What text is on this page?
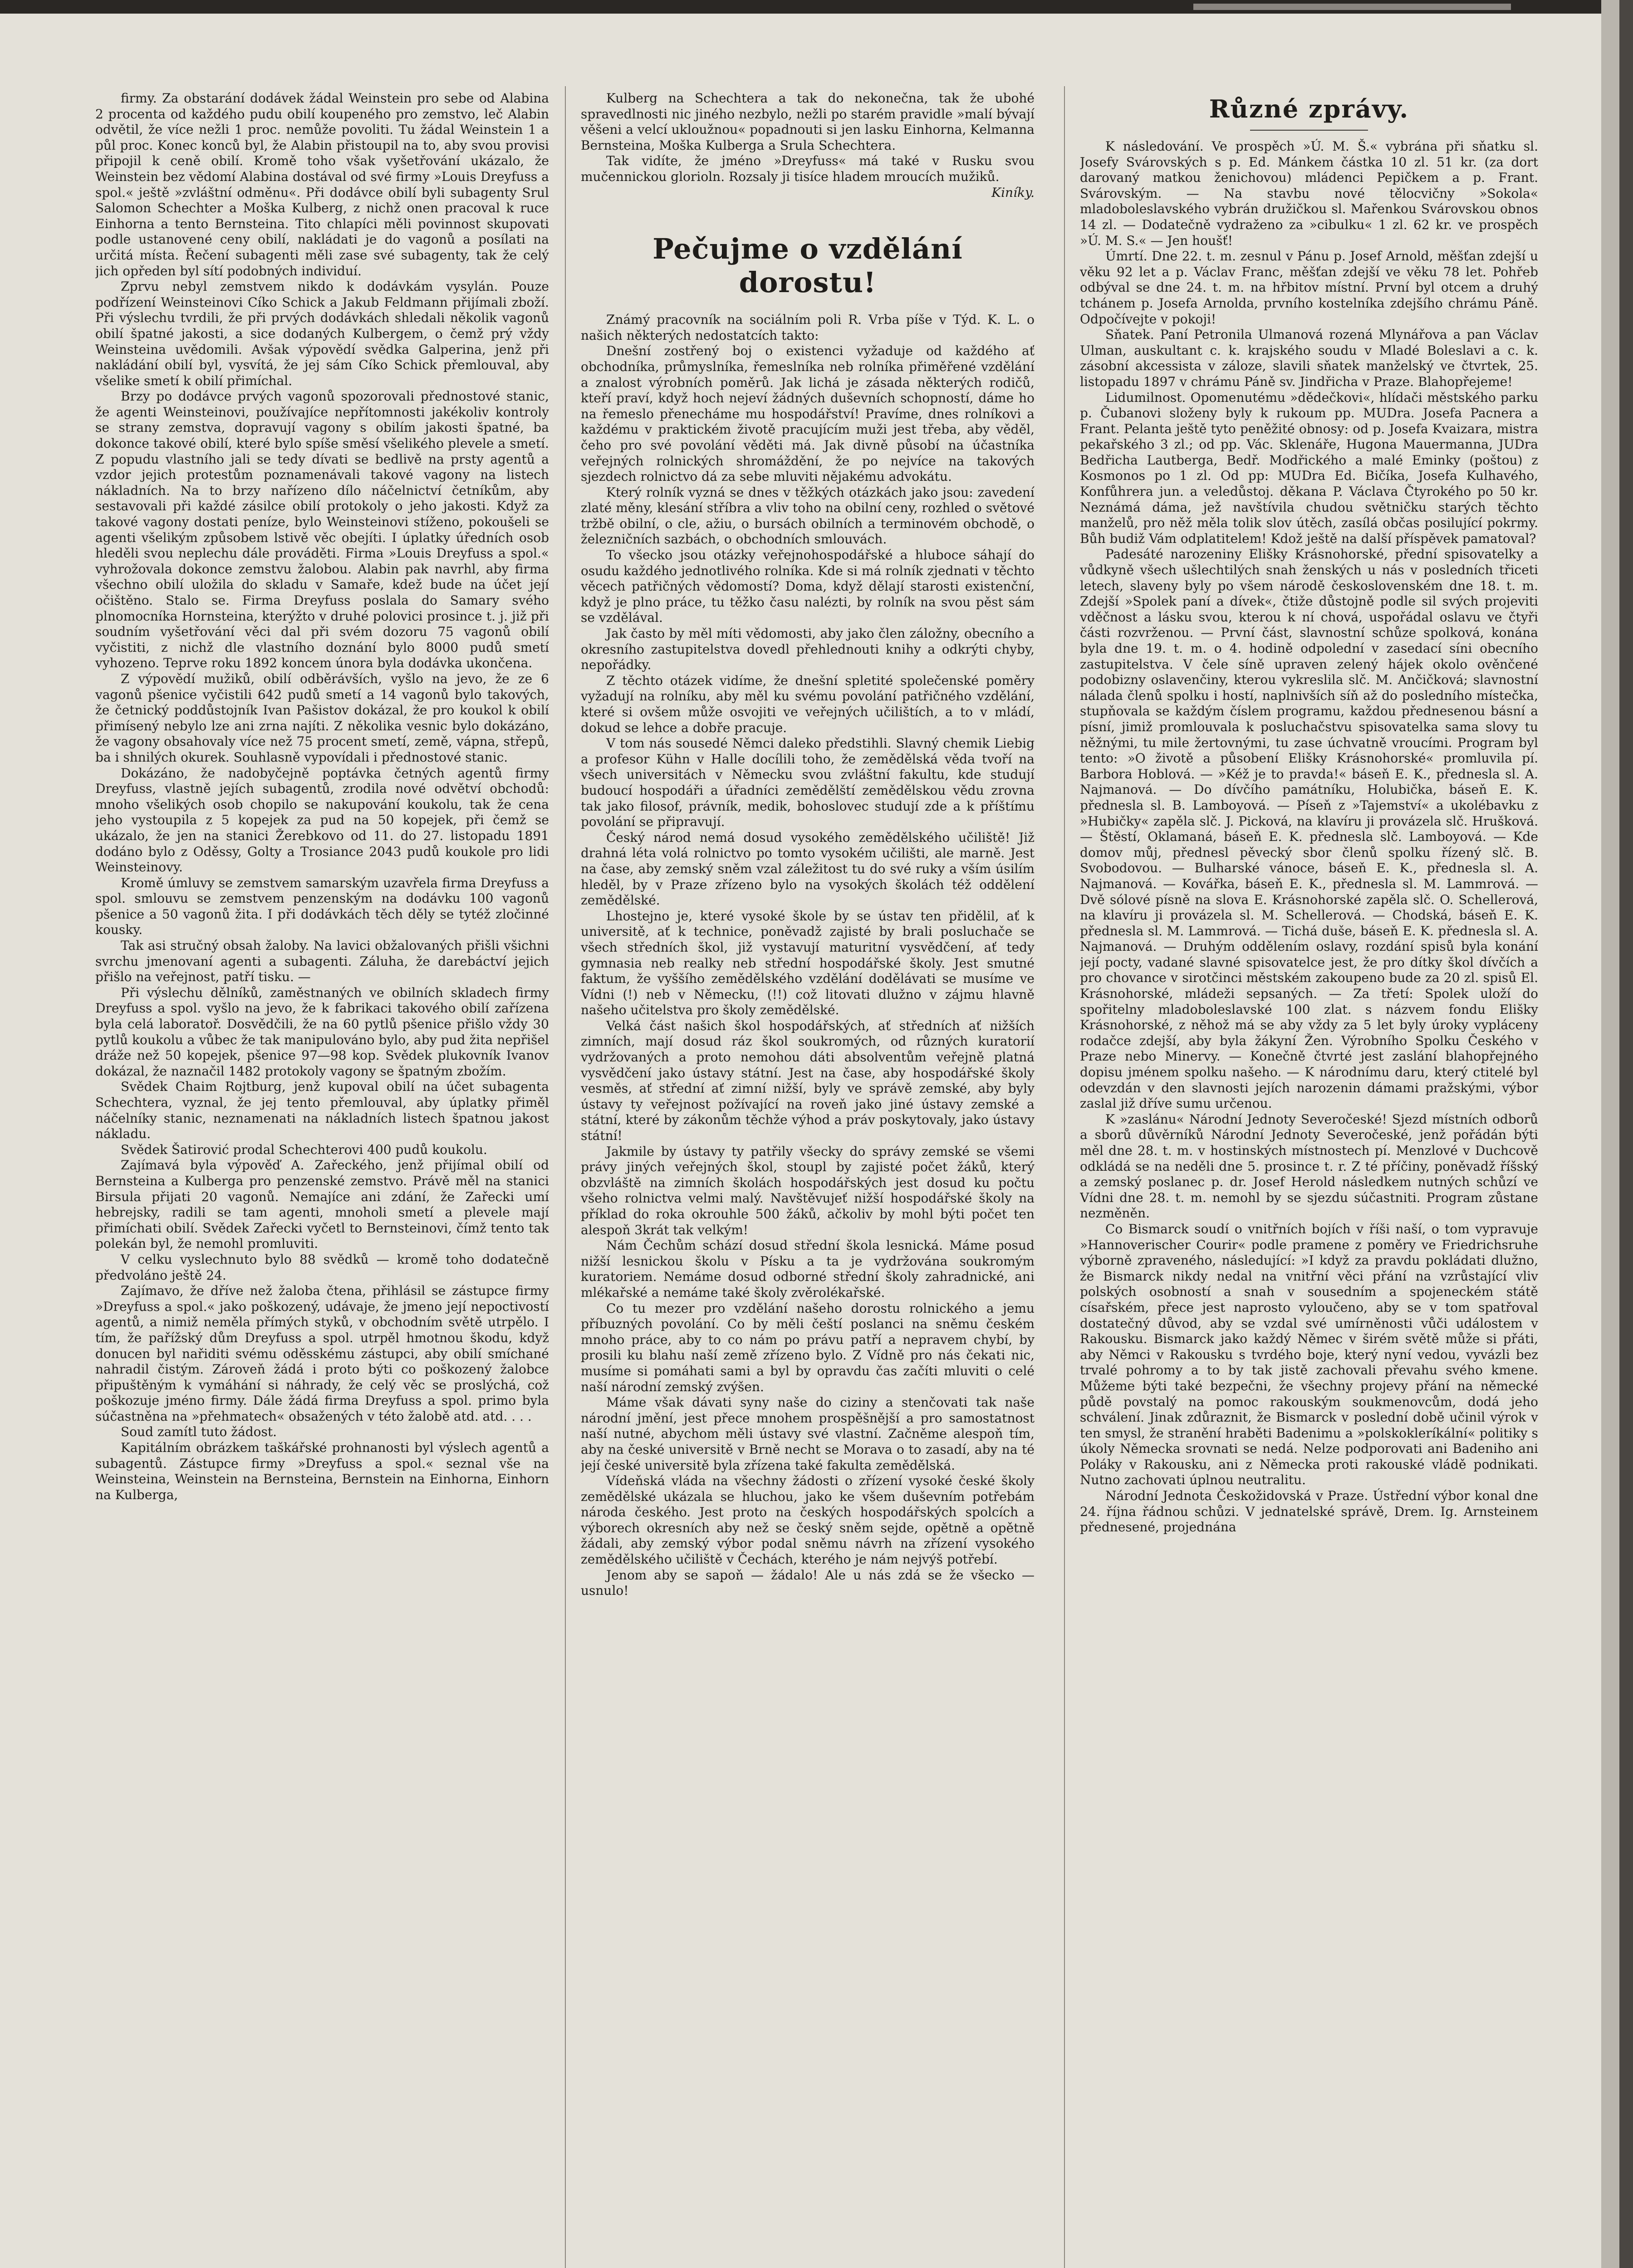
firmy. Za obstarání dodávek žádal Weinstein pro sebe od Alabina 2 procenta od každého pudu obilí koupeného pro zemstvo, leč Alabin odvětil, že více nežli 1 proc. nemůže povoliti. Tu žádal Weinstein 1 a půl proc. Konec konců byl, že Alabin přistoupil na to, aby svou provisi připojil k ceně obilí. Kromě toho však vyšetřování ukázalo, že Weinstein bez vědomí Alabina dostával od své firmy »Louis Dreyfuss a spol.« ještě »zvláštní odměnu«. Při dodávce obilí byli subagenty Srul Salomon Schechter a Moška Kulberg, z nichž onen pracoval k ruce Einhorna a tento Bernsteina. Tito chlapíci měli povinnost skupovati podle ustanovené ceny obilí, nakládati je do vagonů a posílati na určitá místa. Řečení subagenti měli zase své subagenty, tak že celý jich opředen byl sítí podobných individuí.

Zprvu nebyl zemstvem nikdo k dodávkám vysylán. Pouze podřízení Weinsteinovi Cíko Schick a Jakub Feldmann přijímali zboží. Při výslechu tvrdili, že při prvých dodávkách shledali několik vagonů obilí špatné jakosti, a sice dodaných Kulbergem, o čemž prý vždy Weinsteina uvědomili. Avšak výpovědí svědka Galperina, jenž při nakládání obilí byl, vysvítá, že jej sám Cíko Schick přemlouval, aby všelike smetí k obilí přimíchal.

Brzy po dodávce prvých vagonů spozorovali přednostové stanic, že agenti Weinsteinovi, používajíce nepřítomnosti jakékoliv kontroly se strany zemstva, dopravují vagony s obilím jakosti špatné, ba dokonce takové obilí, které bylo spíše směsí všelikého plevele a smetí. Z popudu vlastního jali se tedy dívati se bedlivě na prsty agentů a vzdor jejich protestům poznamenávali takové vagony na listech nákladních. Na to brzy nařízeno dílo náčelnictví četníkům, aby sestavovali při každé zásilce obilí protokoly o jeho jakosti. Když za takové vagony dostati peníze, bylo Weinsteinovi stíženo, pokoušeli se agenti všelikým způsobem lstivě věc obejíti. I úplatky úředních osob hleděli svou neplechu dále prováděti. Firma »Louis Dreyfuss a spol.« vyhrožovala dokonce zemstvu žalobou. Alabin pak navrhl, aby firma všechno obilí uložila do skladu v Samaře, kdež bude na účet její očištěno. Stalo se. Firma Dreyfuss poslala do Samary svého plnomocníka Hornsteina, kterýžto v druhé polovici prosince t. j. již při soudním vyšetřování věci dal při svém dozoru 75 vagonů obilí vyčistiti, z nichž dle vlastního doznání bylo 8000 pudů smetí vyhozeno. Teprve roku 1892 koncem února byla dodávka ukončena.

Z výpovědí mužiků, obilí odběrávších, vyšlo na jevo, že ze 6 vagonů pšenice vyčistili 642 pudů smetí a 14 vagonů bylo takových, že četnický poddůstojník Ivan Pašistov dokázal, že pro koukol k obilí přimísený nebylo lze ani zrna najíti. Z několika vesnic bylo dokázáno, že vagony obsahovaly více než 75 procent smetí, země, vápna, střepů, ba i shnilých okurek. Souhlasně vypovídali i přednostové stanic.

Dokázáno, že nadobyčejně poptávka četných agentů firmy Dreyfuss, vlastně jejích subagentů, zrodila nové odvětví obchodů: mnoho všelikých osob chopilo se nakupování koukolu, tak že cena jeho vystoupila z 5 kopejek za pud na 50 kopejek, při čemž se ukázalo, že jen na stanici Žerebkovo od 11. do 27. listopadu 1891 dodáno bylo z Oděssy, Golty a Trosiance 2043 pudů koukole pro lidi Weinsteinovy.

Kromě úmluvy se zemstvem samarským uzavřela firma Dreyfuss a spol. smlouvu se zemstvem penzenským na dodávku 100 vagonů pšenice a 50 vagonů žita. I při dodávkách těch děly se tytéž zločinné kousky.

Tak asi stručný obsah žaloby. Na lavici obžalovaných přišli všichni svrchu jmenovaní agenti a subagenti. Záluha, že darebáctví jejich přišlo na veřejnost, patří tisku. —

Při výslechu dělníků, zaměstnaných ve obilních skladech firmy Dreyfuss a spol. vyšlo na jevo, že k fabrikaci takového obilí zařízena byla celá laboratoř. Dosvědčili, že na 60 pytlů pšenice přišlo vždy 30 pytlů koukolu a vůbec že tak manipulováno bylo, aby pud žita nepřišel dráže než 50 kopejek, pšenice 97—98 kop. Svědek plukovník Ivanov dokázal, že naznačil 1482 protokoly vagony se špatným zbožím.

Svědek Chaim Rojtburg, jenž kupoval obilí na účet subagenta Schechtera, vyznal, že jej tento přemlouval, aby úplatky přiměl náčelníky stanic, neznamenati na nákladních listech špatnou jakost nákladu.

Svědek Šatirović prodal Schechterovi 400 pudů koukolu.

Zajímavá byla výpověď A. Zařeckého, jenž přijímal obilí od Bernsteina a Kulberga pro penzenské zemstvo. Právě měl na stanici Birsula přijati 20 vagonů. Nemajíce ani zdání, že Zařecki umí hebrejsky, radili se tam agenti, mnoholi smetí a plevele mají přimíchati obilí. Svědek Zařecki vyčetl to Bernsteinovi, čímž tento tak polekán byl, že nemohl promluviti.

V celku vyslechnuto bylo 88 svědků — kromě toho dodatečně předvoláno ještě 24.

Zajímavo, že dříve než žaloba čtena, přihlásil se zástupce firmy »Dreyfuss a spol.« jako poškozený, udávaje, že jmeno její nepoctivostí agentů, a nimiž neměla přímých styků, v obchodním světě utrpělo. I tím, že pařížský dům Dreyfuss a spol. utrpěl hmotnou škodu, když donucen byl nařiditi svému oděsskému zástupci, aby obilí smíchané nahradil čistým. Zároveň žádá i proto býti co poškozený žalobce připuštěným k vymáhání si náhrady, že celý věc se proslýchá, což poškozuje jméno firmy. Dále žádá firma Dreyfuss a spol. primo byla súčastněna na »přehmatech« obsažených v této žalobě atd. atd. . . .

Soud zamítl tuto žádost.

Kapitálním obrázkem taškářské prohnanosti byl výslech agentů a subagentů. Zástupce firmy »Dreyfuss a spol.« seznal vše na Weinsteina, Weinstein na Bernsteina, Bernstein na Einhorna, Einhorn na Kulberga,

Kulberg na Schechtera a tak do nekonečna, tak že ubohé spravedlnosti nic jiného nezbylo, nežli po starém pravidle »malí bývají věšeni a velcí ukloužnou« popadnouti si jen lasku Einhorna, Kelmanna Bernsteina, Moška Kulberga a Srula Schechtera.

Tak vidíte, že jméno »Dreyfuss« má také v Rusku svou mučennickou glorioln. Rozsaly ji tisíce hladem mroucích mužiků.

Kiníky.
Pečujme o vzdělání dorostu!

Známý pracovník na sociálním poli R. Vrba píše v Týd. K. L. o našich některých nedostatcích takto:

Dnešní zostřený boj o existenci vyžaduje od každého ať obchodníka, průmyslníka, řemeslníka neb rolníka přiměřené vzdělání a znalost výrobních poměrů. Jak lichá je zásada některých rodičů, kteří praví, když hoch nejeví žádných duševních schopností, dáme ho na řemeslo přenecháme mu hospodářství! Pravíme, dnes rolníkovi a každému v praktickém životě pracujícím muži jest třeba, aby věděl, čeho pro své povolání věděti má. Jak divně působí na účastníka veřejných rolnických shromáždění, že po nejvíce na takových sjezdech rolnictvo dá za sebe mluviti nějakému advokátu.

Který rolník vyzná se dnes v těžkých otázkách jako jsou: zavedení zlaté měny, klesání stříbra a vliv toho na obilní ceny, rozhled o světové tržbě obilní, o cle, ažiu, o bursách obilních a terminovém obchodě, o železničních sazbách, o obchodních smlouvách.

To všecko jsou otázky veřejnohospodářské a hluboce sáhají do osudu každého jednotlivého rolníka. Kde si má rolník zjednati v těchto věcech patřičných vědomostí? Doma, když dělají starosti existenční, když je plno práce, tu těžko času nalézti, by rolník na svou pěst sám se vzdělával.

Jak často by měl míti vědomosti, aby jako člen záložny, obecního a okresního zastupitelstva dovedl přehlednouti knihy a odkrýti chyby, nepořádky.

Z těchto otázek vidíme, že dnešní spletité společenské poměry vyžadují na rolníku, aby měl ku svému povolání patřičného vzdělání, které si ovšem může osvojiti ve veřejných učilištích, a to v mládí, dokud se lehce a dobře pracuje.

V tom nás sousedé Němci daleko předstihli. Slavný chemik Liebig a profesor Kühn v Halle docílili toho, že zemědělská věda tvoří na všech universitách v Německu svou zvláštní fakultu, kde studují budoucí hospodáři a úřadníci zemědělští zemědělskou vědu zrovna tak jako filosof, právník, medik, bohoslovec studují zde a k příštímu povolání se připravují.

Český národ nemá dosud vysokého zemědělského učiliště! Již drahná léta volá rolnictvo po tomto vysokém učilišti, ale marně. Jest na čase, aby zemský sněm vzal záležitost tu do své ruky a vším úsilím hleděl, by v Praze zřízeno bylo na vysokých školách též oddělení zemědělské.

Lhostejno je, které vysoké škole by se ústav ten přidělil, ať k universitě, ať k technice, poněvadž zajisté by brali posluchače se všech středních škol, již vystavují maturitní vysvědčení, ať tedy gymnasia neb realky neb střední hospodářské školy. Jest smutné faktum, že vyššího zemědělského vzdělání dodělávati se musíme ve Vídni (!) neb v Německu, (!!) což litovati dlužno v zájmu hlavně našeho učitelstva pro školy zemědělské.

Velká část našich škol hospodářských, ať středních ať nižších zimních, mají dosud ráz škol soukromých, od různých kuratorií vydržovaných a proto nemohou dáti absolventům veřejně platná vysvědčení jako ústavy státní. Jest na čase, aby hospodářské školy vesměs, ať střední ať zimní nižší, byly ve správě zemské, aby byly ústavy ty veřejnost požívající na roveň jako jiné ústavy zemské a státní, které by zákonům těchže výhod a práv poskytovaly, jako ústavy státní!

Jakmile by ústavy ty patřily všecky do správy zemské se všemi právy jiných veřejných škol, stoupl by zajisté počet žáků, který obzvláště na zimních školách hospodářských jest dosud ku počtu všeho rolnictva velmi malý. Navštěvujeť nižší hospodářské školy na příklad do roka okrouhle 500 žáků, ačkoliv by mohl býti počet ten alespoň 3krát tak velkým!

Nám Čechům schází dosud střední škola lesnická. Máme posud nižší lesnickou školu v Písku a ta je vydržována soukromým kuratoriem. Nemáme dosud odborné střední školy zahradnické, ani mlékařské a nemáme také školy zvěrolékařské.

Co tu mezer pro vzdělání našeho dorostu rolnického a jemu příbuzných povolání. Co by měli čeští poslanci na sněmu českém mnoho práce, aby to co nám po právu patří a nepravem chybí, by prosili ku blahu naší země zřízeno bylo. Z Vídně pro nás čekati nic, musíme si pomáhati sami a byl by opravdu čas začíti mluviti o celé naší národní zemský zvýšen.

Máme však dávati syny naše do ciziny a stenčovati tak naše národní jmění, jest přece mnohem prospěšnější a pro samostatnost naší nutné, abychom měli ústavy své vlastní. Začněme alespoň tím, aby na české universitě v Brně necht se Morava o to zasadí, aby na té její české universitě byla zřízena také fakulta zemědělská.

Vídeňská vláda na všechny žádosti o zřízení vysoké české školy zemědělské ukázala se hluchou, jako ke všem duševním potřebám národa českého. Jest proto na českých hospodářských spolcích a výborech okresních aby než se český sněm sejde, opětně a opětně žádali, aby zemský výbor podal sněmu návrh na zřízení vysokého zemědělského učiliště v Čechách, kterého je nám nejvýš potřebí.

Jenom aby se sapoň — žádalo! Ale u nás zdá se že všecko — usnulo!

Různé zprávy.

K následování. Ve prospěch »Ú. M. Š.« vybrána při sňatku sl. Josefy Svárovských s p. Ed. Mánkem částka 10 zl. 51 kr. (za dort darovaný matkou ženichovou) mládenci Pepičkem a p. Frant. Svárovským. — Na stavbu nové tělocvičny »Sokola« mladoboleslavského vybrán družičkou sl. Mařenkou Svárovskou obnos 14 zl. — Dodatečně vydraženo za »cibulku« 1 zl. 62 kr. ve prospěch »Ú. M. S.« — Jen houšť!

Úmrtí. Dne 22. t. m. zesnul v Pánu p. Josef Arnold, měšťan zdejší u věku 92 let a p. Václav Franc, měšťan zdejší ve věku 78 let. Pohřeb odbýval se dne 24. t. m. na hřbitov místní. První byl otcem a druhý tchánem p. Josefa Arnolda, prvního kostelníka zdejšího chrámu Páně. Odpočívejte v pokoji!

Sňatek. Paní Petronila Ulmanová rozená Mlynářova a pan Václav Ulman, auskultant c. k. krajského soudu v Mladé Boleslavi a c. k. zásobní akcessista v záloze, slavili sňatek manželský ve čtvrtek, 25. listopadu 1897 v chrámu Páně sv. Jindřicha v Praze. Blahopřejeme!

Lidumilnost. Opomenutému »dědečkovi«, hlídači městského parku p. Čubanovi složeny byly k rukoum pp. MUDra. Josefa Pacnera a Frant. Pelanta ještě tyto peněžité obnosy: od p. Josefa Kvaizara, mistra pekařského 3 zl.; od pp. Vác. Sklenáře, Hugona Mauermanna, JUDra Bedřicha Lautberga, Bedř. Modřického a malé Eminky (poštou) z Kosmonos po 1 zl. Od pp: MUDra Ed. Bičíka, Josefa Kulhavého, Konfůhrera jun. a veledůstoj. děkana P. Václava Čtyrokého po 50 kr. Neznámá dáma, jež navštívila chudou světničku starých těchto manželů, pro něž měla tolik slov útěch, zasílá občas posilující pokrmy. Bůh budiž Vám odplatitelem! Kdož ještě na další příspěvek pamatoval?

Padesáté narozeniny Elišky Krásnohorské, přední spisovatelky a vůdkyně všech ušlechtilých snah ženských u nás v posledních třiceti letech, slaveny byly po všem národě československém dne 18. t. m. Zdejší »Spolek paní a dívek«, čtiže důstojně podle sil svých projeviti vděčnost a lásku svou, kterou k ní chová, uspořádal oslavu ve čtyři části rozvrženou. — První část, slavnostní schůze spolková, konána byla dne 19. t. m. o 4. hodině odpolední v zasedací síni obecního zastupitelstva. V čele síně upraven zelený hájek okolo ověnčené podobizny oslavenčiny, kterou vykreslila slč. M. Ančičková; slavnostní nálada členů spolku i hostí, naplnivších síň až do posledního místečka, stupňovala se každým číslem programu, každou přednesenou básní a písní, jimiž promlouvala k posluchačstvu spisovatelka sama slovy tu něžnými, tu mile žertovnými, tu zase úchvatně vroucími. Program byl tento: »O životě a působení Elišky Krásnohorské« promluvila pí. Barbora Hoblová. — »Kéž je to pravda!« báseň E. K., přednesla sl. A. Najmanová. — Do dívčího památníku, Holubička, báseň E. K. přednesla sl. B. Lamboyová. — Píseň z »Tajemství« a ukolébavku z »Hubičky« zapěla slč. J. Picková, na klavíru ji provázela slč. Hrušková. — Štěstí, Oklamaná, báseň E. K. přednesla slč. Lamboyová. — Kde domov můj, přednesl pěvecký sbor členů spolku řízený slč. B. Svobodovou. — Bulharské vánoce, báseň E. K., přednesla sl. A. Najmanová. — Kovářka, báseň E. K., přednesla sl. M. Lammrová. — Dvě sólové písně na slova E. Krásnohorské zapěla slč. O. Schellerová, na klavíru ji provázela sl. M. Schellerová. — Chodská, báseň E. K. přednesla sl. M. Lammrová. — Tichá duše, báseň E. K. přednesla sl. A. Najmanová. — Druhým oddělením oslavy, rozdání spisů byla konání její pocty, vadané slavné spisovatelce jest, že pro dítky škol dívčích a pro chovance v sirotčinci městském zakoupeno bude za 20 zl. spisů El. Krásnohorské, mládeži sepsaných. — Za třetí: Spolek uloží do spořitelny mladoboleslavské 100 zlat. s názvem fondu Elišky Krásnohorské, z něhož má se aby vždy za 5 let byly úroky vypláceny rodačce zdejší, aby byla žákyní Žen. Výrobního Spolku Českého v Praze nebo Minervy. — Konečně čtvrté jest zaslání blahopřejného dopisu jménem spolku našeho. — K národnímu daru, který ctitelé byl odevzdán v den slavnosti jejích narozenin dámami pražskými, výbor zaslal již dříve sumu určenou.

K »zaslánu« Národní Jednoty Severočeské! Sjezd místních odborů a sborů důvěrníků Národní Jednoty Severočeské, jenž pořádán býti měl dne 28. t. m. v hostinských místnostech pí. Menzlové v Duchcově odkládá se na neděli dne 5. prosince t. r. Z té příčiny, poněvadž říšský a zemský poslanec p. dr. Josef Herold následkem nutných schůzí ve Vídni dne 28. t. m. nemohl by se sjezdu súčastniti. Program zůstane nezměněn.

Co Bismarck soudí o vnitřních bojích v říši naší, o tom vypravuje »Hannoverischer Courir« podle pramene z poměry ve Friedrichsruhe výborně zpraveného, následující: »I když za pravdu pokládati dlužno, že Bismarck nikdy nedal na vnitřní věci přání na vzrůstající vliv polských osobností a snah v sousedním a spojeneckém státě císařském, přece jest naprosto vyloučeno, aby se v tom spatřoval dostatečný důvod, aby se vzdal své umírněnosti vůči událostem v Rakousku. Bismarck jako každý Němec v širém světě může si přáti, aby Němci v Rakousku s tvrdého boje, který nyní vedou, vyvázli bez trvalé pohromy a to by tak jistě zachovali převahu svého kmene. Můžeme býti také bezpečni, že všechny projevy přání na německé půdě povstalý na pomoc rakouským soukmenovcům, dodá jeho schválení. Jinak zdůraznit, že Bismarck v poslední době učinil výrok v ten smysl, že stranění hraběti Badenimu a »polskokleríkální« politiky s úkoly Německa srovnati se nedá. Nelze podporovati ani Badeniho ani Poláky v Rakousku, ani z Německa proti rakouské vládě podnikati. Nutno zachovati úplnou neutralitu.

Národní Jednota Českožidovská v Praze. Ústřední výbor konal dne 24. října řádnou schůzi. V jednatelské správě, Drem. Ig. Arnsteinem přednesené, projednána
